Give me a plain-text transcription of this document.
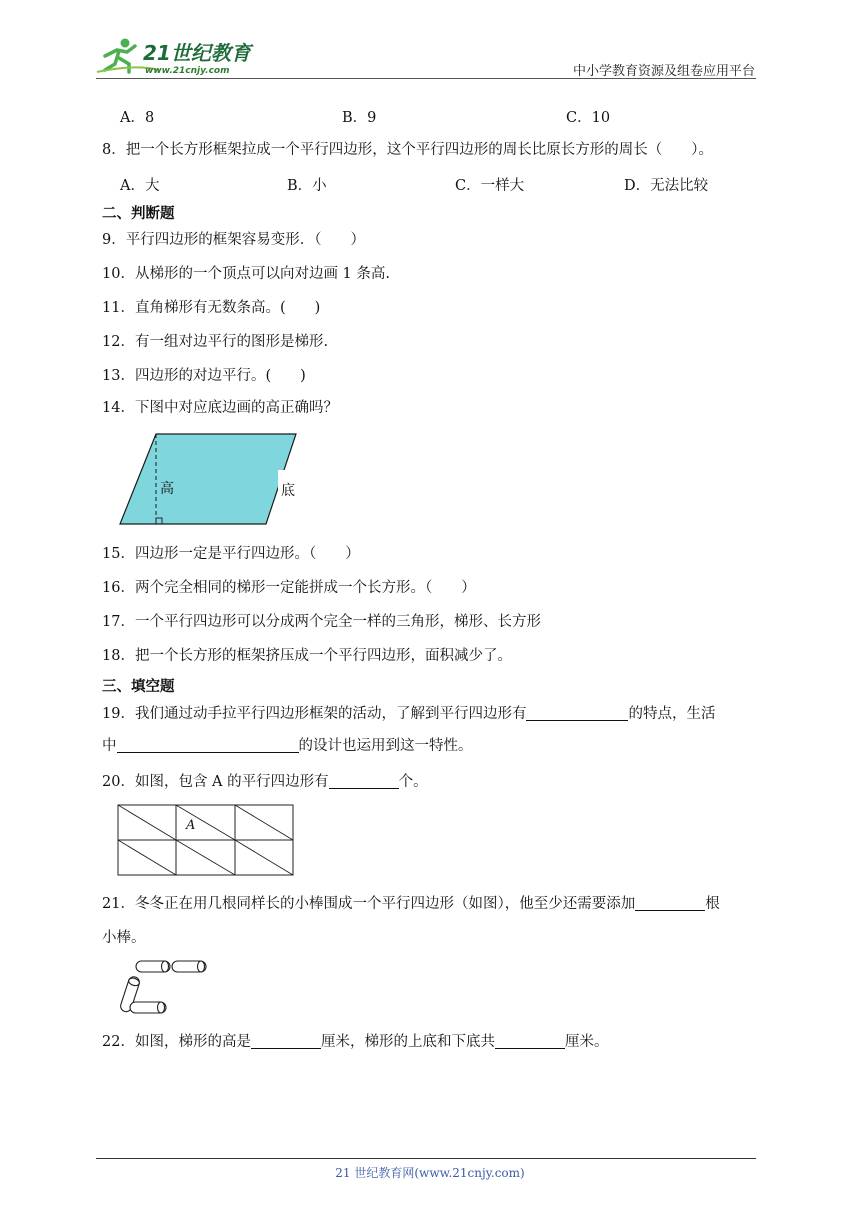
21世纪教育
www.21cnjy.com	中小学教育资源及组卷应用平台
A．8	B．9	C．10
8．把一个长方形框架拉成一个平行四边形，这个平行四边形的周长比原长方形的周长（　　）。
A．大	B．小	C．一样大	D．无法比较
二、判断题
9．平行四边形的框架容易变形．（　　）
10．从梯形的一个顶点可以向对边画 1 条高.
11．直角梯形有无数条高。(　　)
12．有一组对边平行的图形是梯形.
13．四边形的对边平行。(　　)
14．下图中对应底边画的高正确吗？
高	底
15．四边形一定是平行四边形。（　　）
16．两个完全相同的梯形一定能拼成一个长方形。（　　）
17．一个平行四边形可以分成两个完全一样的三角形，梯形、长方形
18．把一个长方形的框架挤压成一个平行四边形，面积减少了。
三、填空题
19．我们通过动手拉平行四边形框架的活动，了解到平行四边形有	的特点，生活
中	的设计也运用到这一特性。
20．如图，包含 A 的平行四边形有	个。
A
21．冬冬正在用几根同样长的小棒围成一个平行四边形（如图），他至少还需要添加	根
小棒。
22．如图，梯形的高是	厘米，梯形的上底和下底共	厘米。
21 世纪教育网(www.21cnjy.com)
